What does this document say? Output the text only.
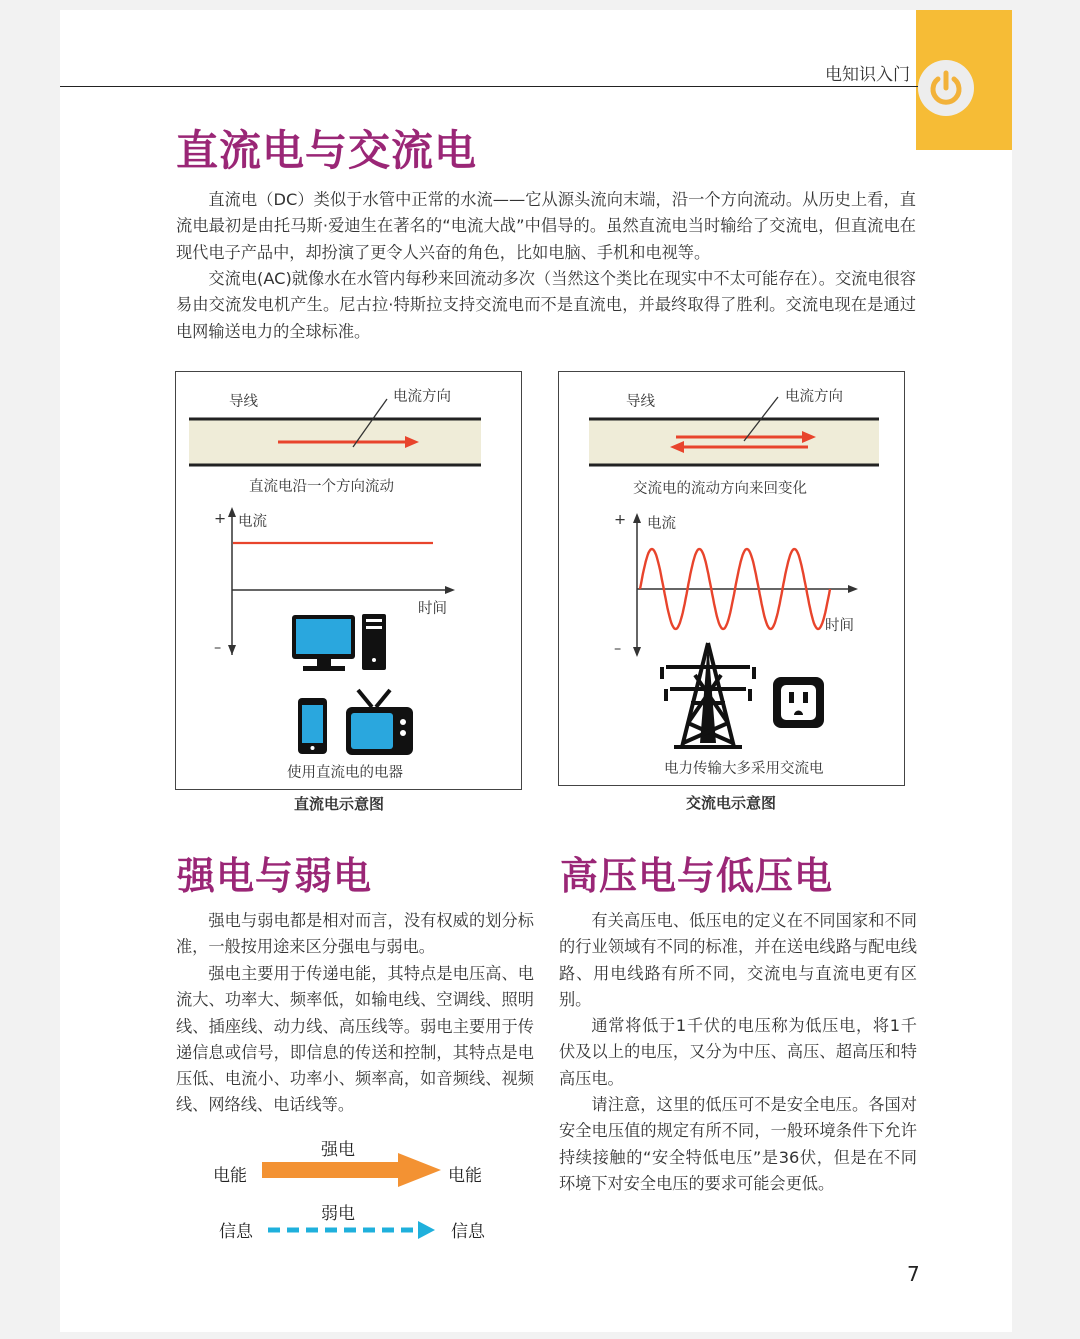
电知识入门
直流电与交流电

直流电（DC）类似于水管中正常的水流——它从源头流向末端，沿一个方向流动。从历史上看，直流电最初是由托马斯·爱迪生在著名的“电流大战”中倡导的。虽然直流电当时输给了交流电，但直流电在现代电子产品中，却扮演了更令人兴奋的角色，比如电脑、手机和电视等。

交流电(AC)就像水在水管内每秒来回流动多次（当然这个类比在现实中不太可能存在）。交流电很容易由交流发电机产生。尼古拉·特斯拉支持交流电而不是直流电，并最终取得了胜利。交流电现在是通过电网输送电力的全球标准。

导线	电流方向
直流电沿一个方向流动
+ 电流
时间
–
使用直流电的电器
直流电示意图
导线	电流方向
交流电的流动方向来回变化
+ 电流
时间
–
电力传输大多采用交流电
交流电示意图
强电与弱电

强电与弱电都是相对而言，没有权威的划分标准，一般按用途来区分强电与弱电。

强电主要用于传递电能，其特点是电压高、电流大、功率大、频率低，如输电线、空调线、照明线、插座线、动力线、高压线等。弱电主要用于传递信息或信号，即信息的传送和控制，其特点是电压低、电流小、功率小、频率高，如音频线、视频线、网络线、电话线等。

强电
电能	电能
弱电
信息	信息
高压电与低压电

有关高压电、低压电的定义在不同国家和不同的行业领域有不同的标准，并在送电线路与配电线路、用电线路有所不同，交流电与直流电更有区别。

通常将低于1千伏的电压称为低压电，将1千伏及以上的电压，又分为中压、高压、超高压和特高压电。

请注意，这里的低压可不是安全电压。各国对安全电压值的规定有所不同，一般环境条件下允许持续接触的“安全特低电压”是36伏，但是在不同环境下对安全电压的要求可能会更低。

7
